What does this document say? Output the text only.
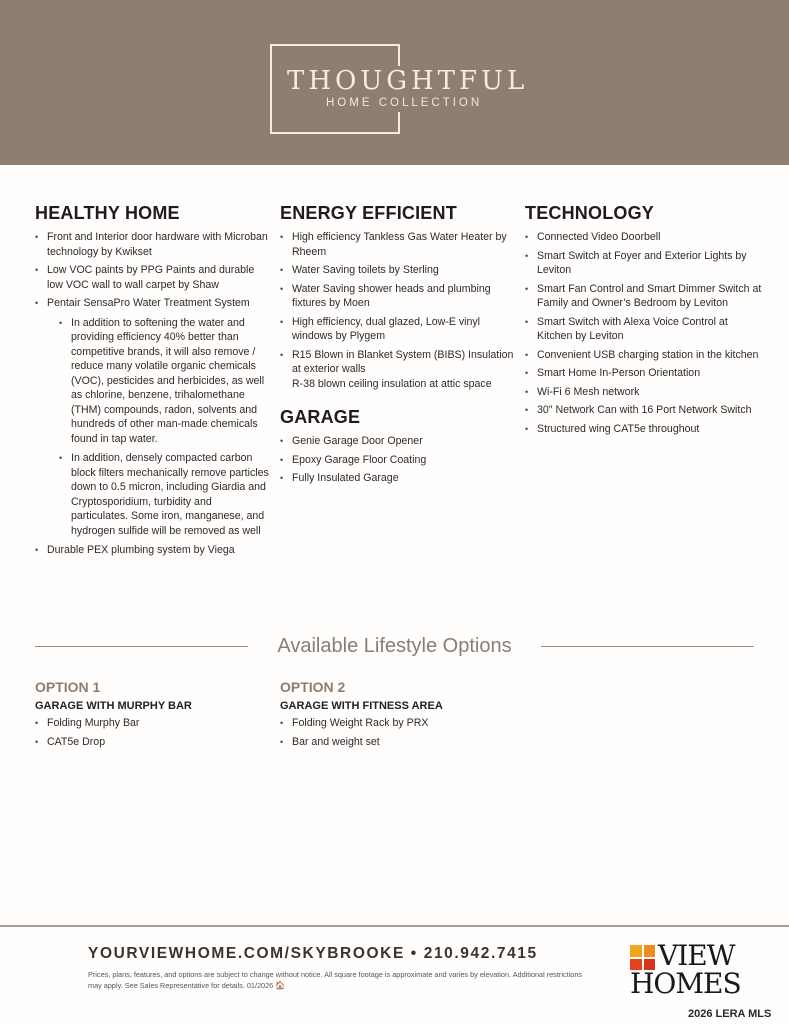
THOUGHTFUL
HOME COLLECTION
HEALTHY HOME
• Front and Interior door hardware with Microban technology by Kwikset
• Low VOC paints by PPG Paints and durable low VOC wall to wall carpet by Shaw
• Pentair SensaPro Water Treatment System
• In addition to softening the water and providing efficiency 40% better than competitive brands, it will also remove / reduce many volatile organic chemicals (VOC), pesticides and herbicides, as well as chlorine, benzene, trihalomethane (THM) compounds, radon, solvents and hundreds of other man-made chemicals found in tap water.
• In addition, densely compacted carbon block filters mechanically remove particles down to 0.5 micron, including Giardia and Cryptosporidium, turbidity and particulates. Some iron, manganese, and hydrogen sulfide will be removed as well
• Durable PEX plumbing system by Viega
ENERGY EFFICIENT
• High efficiency Tankless Gas Water Heater by Rheem
• Water Saving toilets by Sterling
• Water Saving shower heads and plumbing fixtures by Moen
• High efficiency, dual glazed, Low-E vinyl windows by Plygem
• R15 Blown in Blanket System (BIBS) Insulation at exterior walls
R-38 blown ceiling insulation at attic space
GARAGE
• Genie Garage Door Opener
• Epoxy Garage Floor Coating
• Fully Insulated Garage
TECHNOLOGY
• Connected Video Doorbell
• Smart Switch at Foyer and Exterior Lights by Leviton
• Smart Fan Control and Smart Dimmer Switch at Family and Owner’s Bedroom by Leviton
• Smart Switch with Alexa Voice Control at Kitchen by Leviton
• Convenient USB charging station in the kitchen
• Smart Home In-Person Orientation
• Wi-Fi 6 Mesh network
• 30" Network Can with 16 Port Network Switch
• Structured wing CAT5e throughout
Available Lifestyle Options
OPTION 1
GARAGE WITH MURPHY BAR
• Folding Murphy Bar
• CAT5e Drop
OPTION 2
GARAGE WITH FITNESS AREA
• Folding Weight Rack by PRX
• Bar and weight set
YOURVIEWHOME.COM/SKYBROOKE • 210.942.7415
Prices, plans, features, and options are subject to change without notice. All square footage is approximate and varies by elevation. Additional restrictions may apply. See Sales Representative for details. 01/2026 🏠
VIEW
HOMES
2026 LERA MLS
